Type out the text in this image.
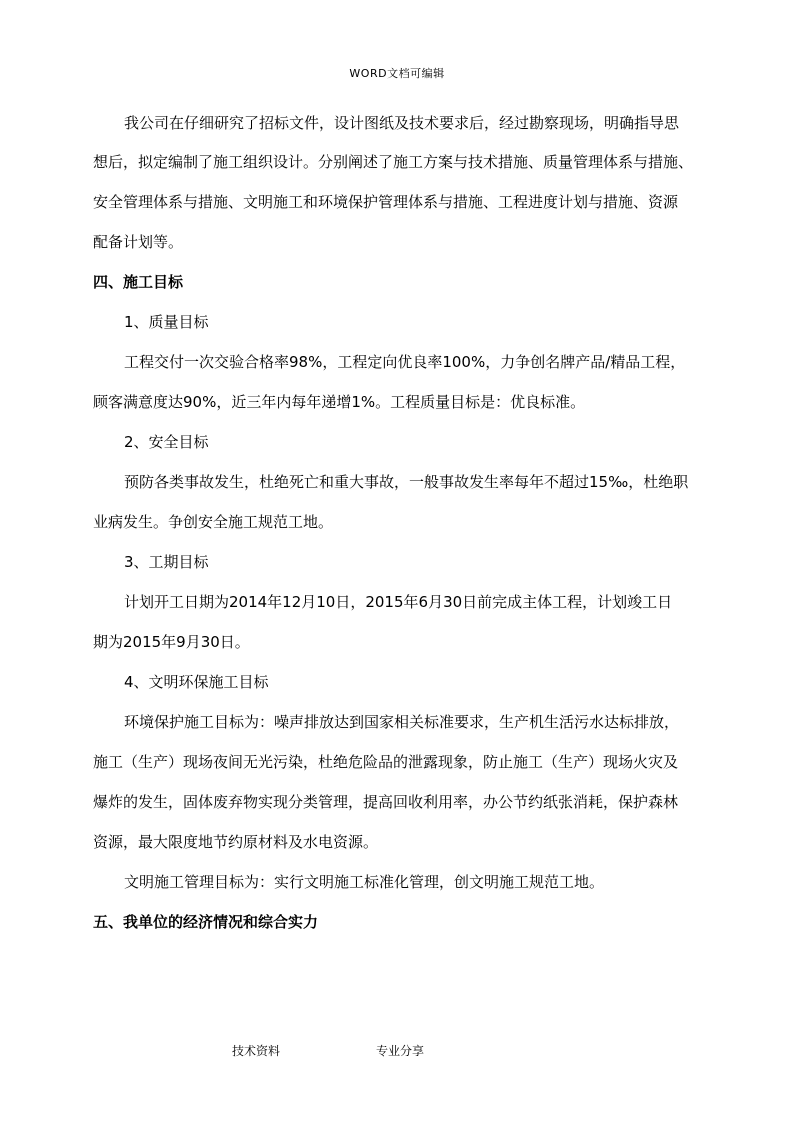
WORD文档可编辑
我公司在仔细研究了招标文件，设计图纸及技术要求后，经过勘察现场，明确指导思
想后，拟定编制了施工组织设计。分别阐述了施工方案与技术措施、质量管理体系与措施、
安全管理体系与措施、文明施工和环境保护管理体系与措施、工程进度计划与措施、资源
配备计划等。
四、施工目标
1、质量目标
工程交付一次交验合格率98%，工程定向优良率100%，力争创名牌产品/精品工程，
顾客满意度达90%，近三年内每年递增1%。工程质量目标是：优良标准。
2、安全目标
预防各类事故发生，杜绝死亡和重大事故，一般事故发生率每年不超过15‰，杜绝职
业病发生。争创安全施工规范工地。
3、工期目标
计划开工日期为2014年12月10日，2015年6月30日前完成主体工程，计划竣工日
期为2015年9月30日。
4、文明环保施工目标
环境保护施工目标为：噪声排放达到国家相关标准要求，生产机生活污水达标排放，
施工（生产）现场夜间无光污染，杜绝危险品的泄露现象，防止施工（生产）现场火灾及
爆炸的发生，固体废弃物实现分类管理，提高回收利用率，办公节约纸张消耗，保护森林
资源，最大限度地节约原材料及水电资源。
文明施工管理目标为：实行文明施工标准化管理，创文明施工规范工地。
五、我单位的经济情况和综合实力
技术资料	专业分享
